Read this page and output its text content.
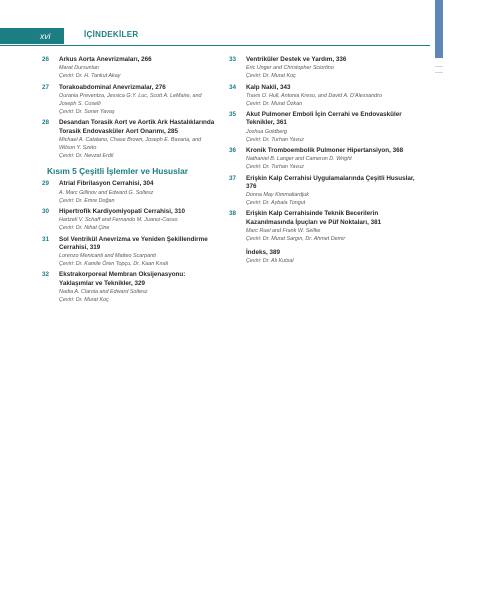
xvi	İÇİNDEKİLER
26	Arkus Aorta Anevrizmaları, 266
Marat Dursunlan
Çeviri: Dr. H. Tankut Akay
27	Torakoabdominal Anevrizmalar, 276
Ourania Preventza, Jessica G.Y. Luc, Scott A. LeMaire, and Joseph S. Coselli
Çeviri: Dr. Soner Yavaş
28	Desandan Torasik Aort ve Aortik Ark Hastalıklarında Torasik Endovasküler Aort Onarımı, 285
Michael A. Catalano, Chase Brown, Joseph E. Bavaria, and Wilson Y. Szeto
Çeviri: Dr. Nevzat Erdil
Kısım 5 Çeşitli İşlemler ve Hususlar
29	Atrial Fibrilasyon Cerrahisi, 304
A. Marc Gillinov and Edward G. Soltesz
Çeviri: Dr. Emre Doğan
30	Hipertrofik Kardiyomiyopati Cerrahisi, 310
Hartzell V. Schaff and Fernando M. Juarez-Casso
Çeviri: Dr. Nihat Çine
31	Sol Ventrikül Anevrizma ve Yeniden Şekillendirme Cerrahisi, 319
Lorenzo Menicanti and Matteo Scarpanti
Çeviri: Dr. Kamile Ören Topçu, Dr. Kaan Kırali
32	Ekstrakorporeal Membran Oksijenasyonu: Yaklaşımlar ve Teknikler, 329
Nadia A. Claroia and Edward Soltesz
Çeviri: Dr. Murat Koç
33	Ventriküler Destek ve Yardım, 336
Eric Unger and Christopher Sciortino
Çeviri: Dr. Murat Koç
34	Kalp Nakli, 343
Travis O. Hull, Antonia Kreso, and David A. D'Alessandro
Çeviri: Dr. Murat Özkan
35	Akut Pulmoner Emboli İçin Cerrahi ve Endovasküler Teknikler, 361
Joshua Goldberg
Çeviri: Dr. Turhan Yavuz
36	Kronik Tromboembolik Pulmoner Hipertansiyon, 368
Nathaniel B. Langer and Cameron D. Wright
Çeviri: Dr. Turhan Yavuz
37	Erişkin Kalp Cerrahisi Uygulamalarında Çeşitli Hususlar, 376
Donna May Kimmaliardjuk
Çeviri: Dr. Aybala Tongut
38	Erişkin Kalp Cerrahisinde Teknik Becerilerin Kazanılmasında İpuçları ve Püf Noktaları, 381
Marc Ruel and Frank W. Sellke
Çeviri: Dr. Murat Sargın, Dr. Ahmet Demir
İndeks, 389
Çeviri: Dr. Ali Kutsal
